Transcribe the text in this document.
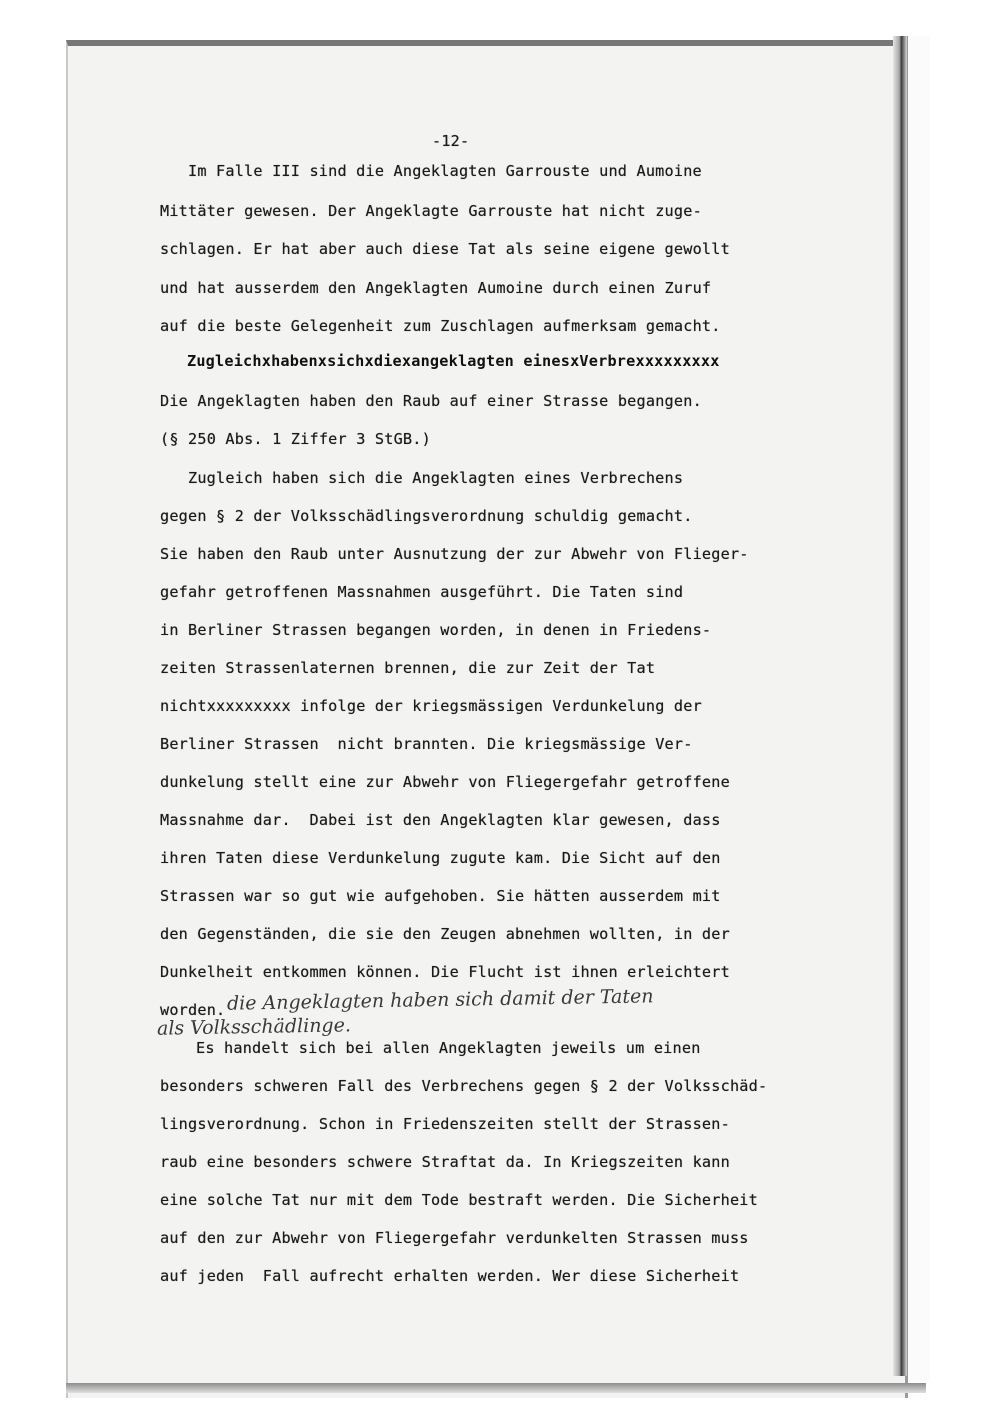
-12-
Im Falle III sind die Angeklagten Garrouste und Aumoine
Mittäter gewesen. Der Angeklagte Garrouste hat nicht zuge-
schlagen. Er hat aber auch diese Tat als seine eigene gewollt
und hat ausserdem den Angeklagten Aumoine durch einen Zuruf
auf die beste Gelegenheit zum Zuschlagen aufmerksam gemacht.
Zugleichxhabenxsichxdiexangeklagten einesxVerbrexxxxxxxxx
Die Angeklagten haben den Raub auf einer Strasse begangen.
(§ 250 Abs. 1 Ziffer 3 StGB.)
Zugleich haben sich die Angeklagten eines Verbrechens
gegen § 2 der Volksschädlingsverordnung schuldig gemacht.
Sie haben den Raub unter Ausnutzung der zur Abwehr von Flieger-
gefahr getroffenen Massnahmen ausgeführt. Die Taten sind
in Berliner Strassen begangen worden, in denen in Friedens-
zeiten Strassenlaternen brennen, die zur Zeit der Tat
nichtxxxxxxxxx infolge der kriegsmässigen Verdunkelung der
Berliner Strassen  nicht brannten. Die kriegsmässige Ver-
dunkelung stellt eine zur Abwehr von Fliegergefahr getroffene
Massnahme dar.  Dabei ist den Angeklagten klar gewesen, dass
ihren Taten diese Verdunkelung zugute kam. Die Sicht auf den
Strassen war so gut wie aufgehoben. Sie hätten ausserdem mit
den Gegenständen, die sie den Zeugen abnehmen wollten, in der
Dunkelheit entkommen können. Die Flucht ist ihnen erleichtert
worden. die Angeklagten haben sich damit der Taten
als Volksschädlinge.
Es handelt sich bei allen Angeklagten jeweils um einen
besonders schweren Fall des Verbrechens gegen § 2 der Volksschäd-
lingsverordnung. Schon in Friedenszeiten stellt der Strassen-
raub eine besonders schwere Straftat da. In Kriegszeiten kann
eine solche Tat nur mit dem Tode bestraft werden. Die Sicherheit
auf den zur Abwehr von Fliegergefahr verdunkelten Strassen muss
auf jeden  Fall aufrecht erhalten werden. Wer diese Sicherheit
